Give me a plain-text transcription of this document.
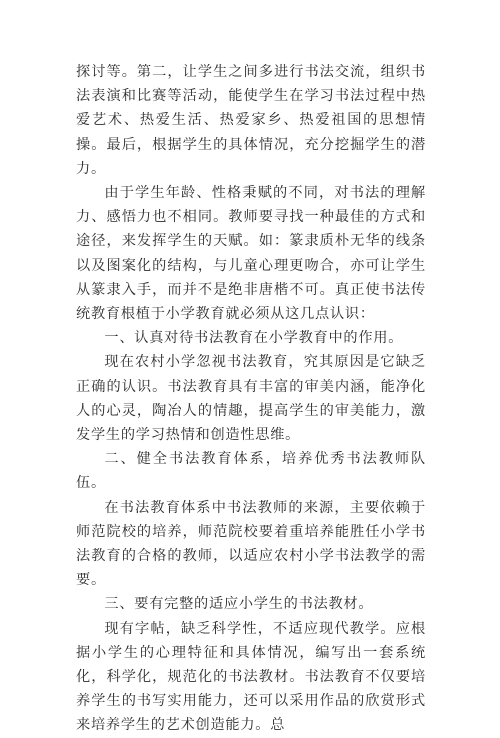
探讨等。第二，让学生之间多进行书法交流，组织书法表演和比赛等活动，能使学生在学习书法过程中热爱艺术、热爱生活、热爱家乡、热爱祖国的思想情操。最后，根据学生的具体情况，充分挖掘学生的潜力。

由于学生年龄、性格秉赋的不同，对书法的理解力、感悟力也不相同。教师要寻找一种最佳的方式和途径，来发挥学生的天赋。如：篆隶质朴无华的线条以及图案化的结构，与儿童心理更吻合，亦可让学生从篆隶入手，而并不是绝非唐楷不可。真正使书法传统教育根植于小学教育就必须从这几点认识：

一、认真对待书法教育在小学教育中的作用。

现在农村小学忽视书法教育，究其原因是它缺乏正确的认识。书法教育具有丰富的审美内涵，能净化人的心灵，陶冶人的情趣，提高学生的审美能力，激发学生的学习热情和创造性思维。

二、健全书法教育体系，培养优秀书法教师队伍。

在书法教育体系中书法教师的来源，主要依赖于师范院校的培养，师范院校要着重培养能胜任小学书法教育的合格的教师，以适应农村小学书法教学的需要。

三、要有完整的适应小学生的书法教材。

现有字帖，缺乏科学性，不适应现代教学。应根据小学生的心理特征和具体情况，编写出一套系统化，科学化，规范化的书法教材。书法教育不仅要培养学生的书写实用能力，还可以采用作品的欣赏形式来培养学生的艺术创造能力。总
